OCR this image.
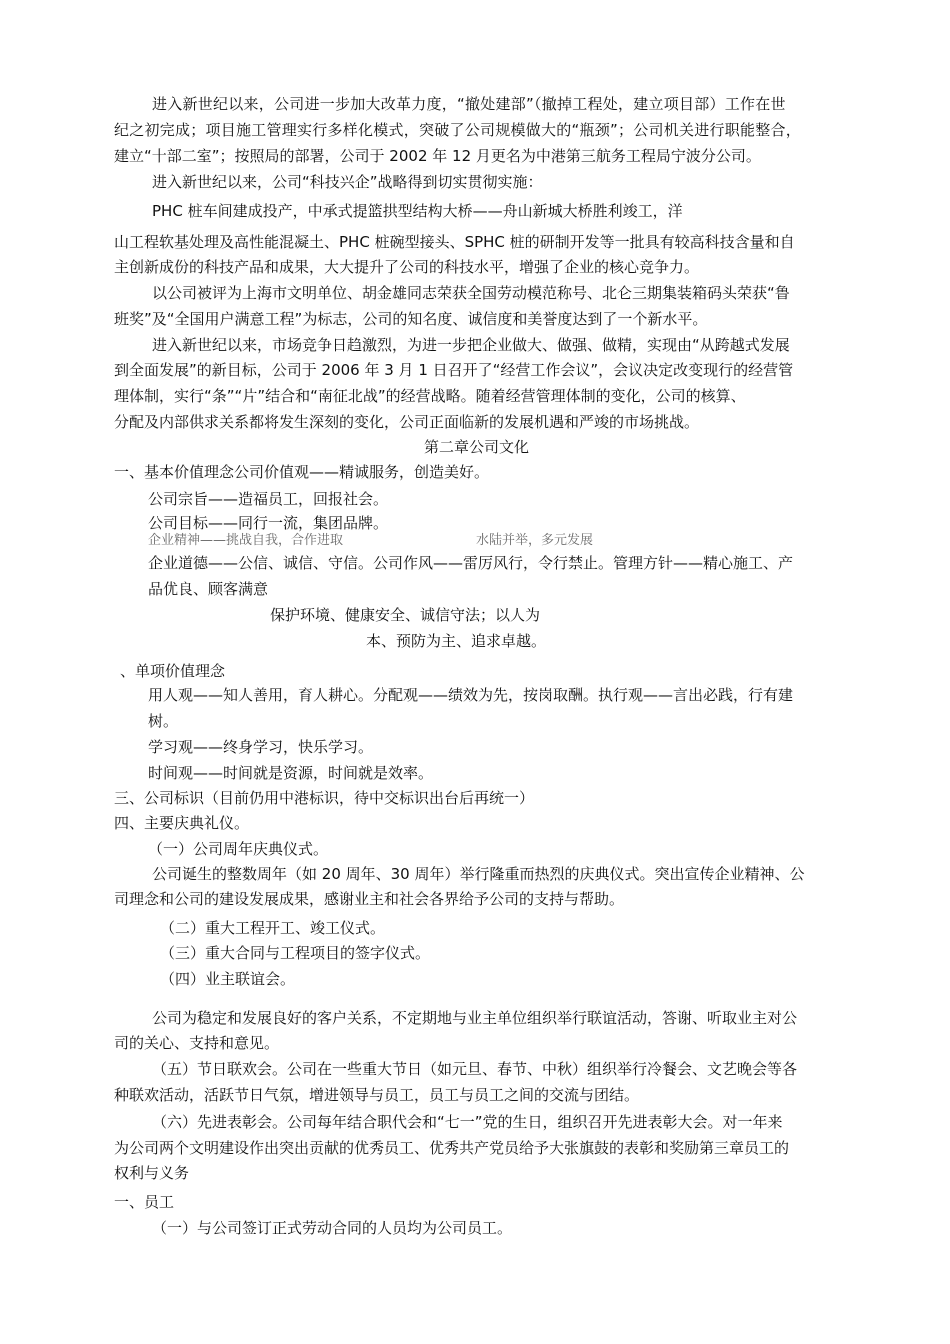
进入新世纪以来，公司进一步加大改革力度，“撤处建部”（撤掉工程处，建立项目部）工作在世
纪之初完成；项目施工管理实行多样化模式，突破了公司规模做大的“瓶颈”；公司机关进行职能整合，
建立“十部二室”；按照局的部署，公司于 2002 年 12 月更名为中港第三航务工程局宁波分公司。
进入新世纪以来，公司“科技兴企”战略得到切实贯彻实施：
PHC 桩车间建成投产，中承式提篮拱型结构大桥——舟山新城大桥胜利竣工，洋
山工程软基处理及高性能混凝土、PHC 桩碗型接头、SPHC 桩的研制开发等一批具有较高科技含量和自
主创新成份的科技产品和成果，大大提升了公司的科技水平，增强了企业的核心竞争力。
以公司被评为上海市文明单位、胡金雄同志荣获全国劳动模范称号、北仑三期集装箱码头荣获“鲁
班奖”及“全国用户满意工程”为标志，公司的知名度、诚信度和美誉度达到了一个新水平。
进入新世纪以来，市场竞争日趋激烈，为进一步把企业做大、做强、做精，实现由“从跨越式发展
到全面发展”的新目标，公司于 2006 年 3 月 1 日召开了“经营工作会议”，会议决定改变现行的经营管
理体制，实行“条”“片”结合和“南征北战”的经营战略。随着经营管理体制的变化，公司的核算、
分配及内部供求关系都将发生深刻的变化，公司正面临新的发展机遇和严竣的市场挑战。
第二章公司文化
一、基本价值理念公司价值观——精诚服务，创造美好。
公司宗旨——造福员工，回报社会。
公司目标——同行一流，集团品牌。
企业精神——挑战自我，合作进取	水陆并举，多元发展
企业道德——公信、诚信、守信。公司作风——雷厉风行，令行禁止。管理方针——精心施工、产
品优良、顾客满意
保护环境、健康安全、诚信守法；以人为
本、预防为主、追求卓越。
、单项价值理念
用人观——知人善用，育人耕心。分配观——绩效为先，按岗取酬。执行观——言出必践，行有建
树。
学习观——终身学习，快乐学习。
时间观——时间就是资源，时间就是效率。
三、公司标识（目前仍用中港标识，待中交标识出台后再统一）
四、主要庆典礼仪。
（一）公司周年庆典仪式。
公司诞生的整数周年（如 20 周年、30 周年）举行隆重而热烈的庆典仪式。突出宣传企业精神、公
司理念和公司的建设发展成果，感谢业主和社会各界给予公司的支持与帮助。
（二）重大工程开工、竣工仪式。
（三）重大合同与工程项目的签字仪式。
（四）业主联谊会。
公司为稳定和发展良好的客户关系，不定期地与业主单位组织举行联谊活动，答谢、听取业主对公
司的关心、支持和意见。
（五）节日联欢会。公司在一些重大节日（如元旦、春节、中秋）组织举行冷餐会、文艺晚会等各
种联欢活动，活跃节日气氛，增进领导与员工，员工与员工之间的交流与团结。
（六）先进表彰会。公司每年结合职代会和“七一”党的生日，组织召开先进表彰大会。对一年来
为公司两个文明建设作出突出贡献的优秀员工、优秀共产党员给予大张旗鼓的表彰和奖励第三章员工的
权利与义务
一、员工
（一）与公司签订正式劳动合同的人员均为公司员工。
